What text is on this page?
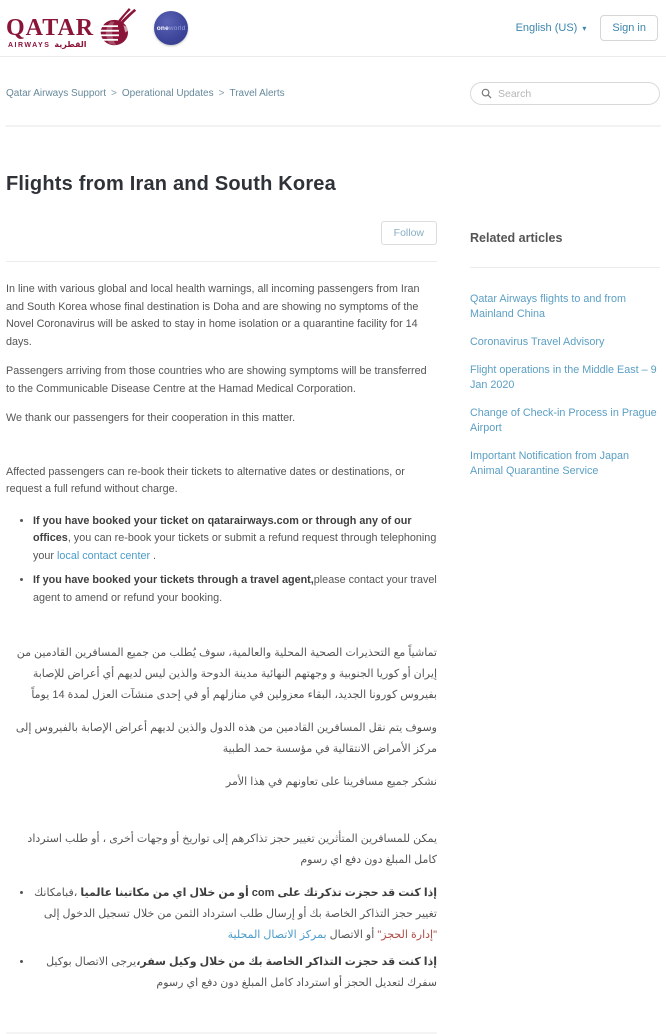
QATAR
AIRWAYS القطرية
oneworld	English (US) ▾	Sign in
Qatar Airways Support > Operational Updates > Travel Alerts
Search
Flights from Iran and South Korea
Follow

In line with various global and local health warnings, all incoming passengers from Iran and South Korea whose final destination is Doha and are showing no symptoms of the Novel Coronavirus will be asked to stay in home isolation or a quarantine facility for 14 days.

Passengers arriving from those countries who are showing symptoms will be transferred to the Communicable Disease Centre at the Hamad Medical Corporation.

We thank our passengers for their cooperation in this matter.

Affected passengers can re-book their tickets to alternative dates or destinations, or request a full refund without charge.

• If you have booked your ticket on qatarairways.com or through any of our offices, you can re-book your tickets or submit a refund request through telephoning your local contact center .
• If you have booked your tickets through a travel agent,please contact your travel agent to amend or refund your booking.

تماشياً مع التحذيرات الصحية المحلية والعالمية، سوف يُطلب من جميع المسافرين القادمين من إيران أو كوريا الجنوبية و وجهتهم النهائية مدينة الدوحة والذين ليس لديهم أي أعراض للإصابة بفيروس كورونا الجديد، البقاء معزولين في منازلهم أو في إحدى منشآت العزل لمدة 14 يوماً

وسوف يتم نقل المسافرين القادمين من هذه الدول والذين لديهم أعراض الإصابة بالفيروس إلى مركز الأمراض الانتقالية في مؤسسة حمد الطبية

نشكر جميع مسافرينا على تعاونهم في هذا الأمر

يمكن للمسافرين المتأثرين تغيير حجز تذاكرهم إلى تواريخ أو وجهات أخرى ، أو طلب استرداد كامل المبلغ دون دفع اي رسوم

• إذا كنت قد حجزت تذكرتك على com أو من خلال اي من مكاتبنا عالميا ،فبامكانك تغيير حجز التذاكر الخاصة بك أو إرسال طلب استرداد الثمن من خلال تسجيل الدخول إلى "إدارة الحجز" أو الاتصال بمركز الاتصال المحلية
• إذا كنت قد حجزت التذاكر الخاصة بك من خلال وكيل سفر،يرجى الاتصال بوكيل سفرك لتعديل الحجز أو استرداد كامل المبلغ دون دفع اي رسوم
Related articles
Qatar Airways flights to and from Mainland China
Coronavirus Travel Advisory
Flight operations in the Middle East – 9 Jan 2020
Change of Check-in Process in Prague Airport
Important Notification from Japan Animal Quarantine Service
